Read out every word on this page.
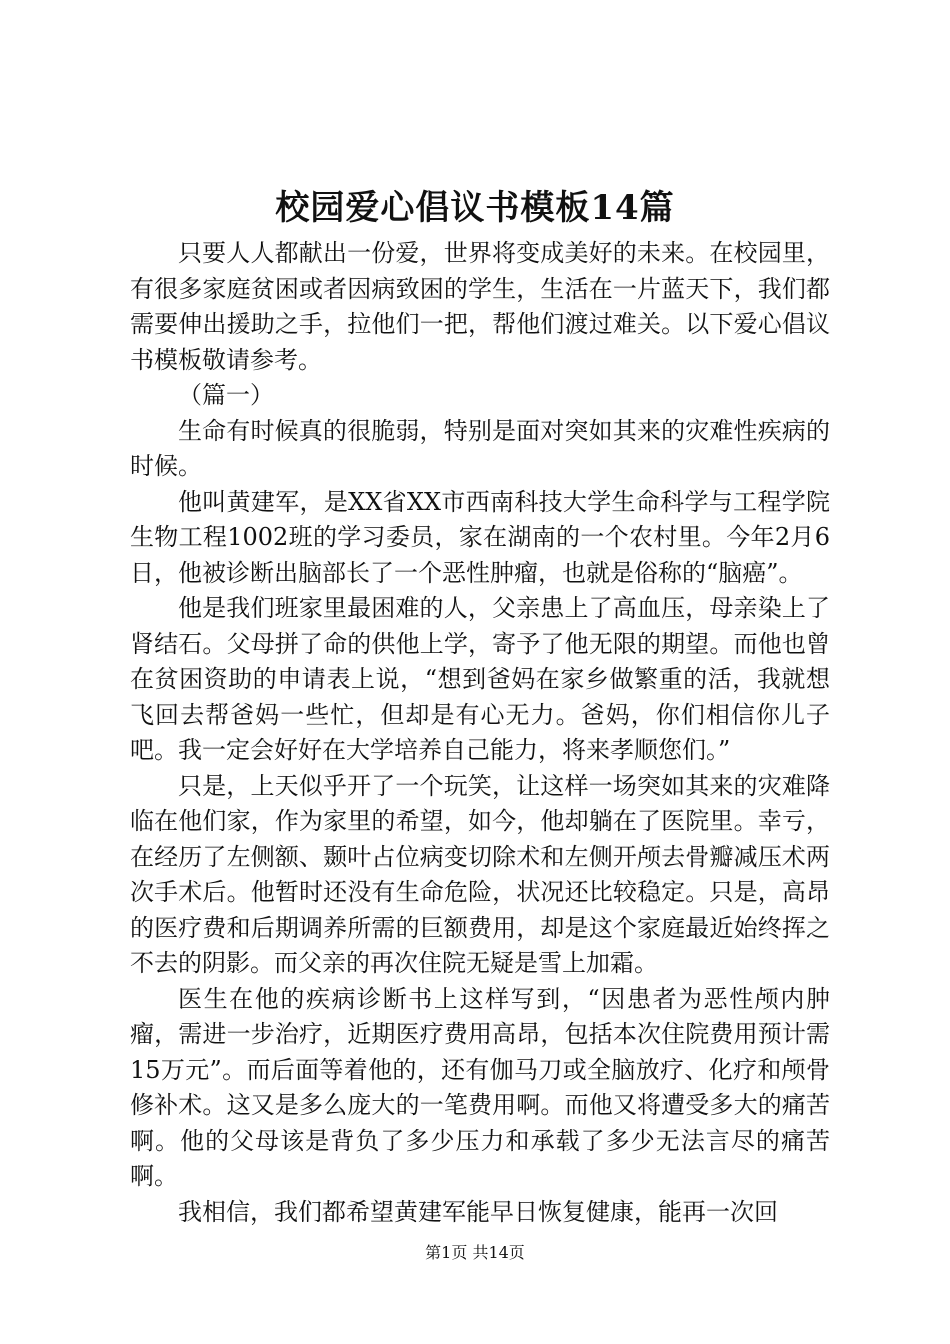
校园爱心倡议书模板14篇

只要人人都献出一份爱，世界将变成美好的未来。在校园里，有很多家庭贫困或者因病致困的学生，生活在一片蓝天下，我们都需要伸出援助之手，拉他们一把，帮他们渡过难关。以下爱心倡议书模板敬请参考。

（篇一）

生命有时候真的很脆弱，特别是面对突如其来的灾难性疾病的时候。

他叫黄建军，是XX省XX市西南科技大学生命科学与工程学院生物工程1002班的学习委员，家在湖南的一个农村里。今年2月6日，他被诊断出脑部长了一个恶性肿瘤，也就是俗称的“脑癌”。

他是我们班家里最困难的人，父亲患上了高血压，母亲染上了肾结石。父母拼了命的供他上学，寄予了他无限的期望。而他也曾在贫困资助的申请表上说，“想到爸妈在家乡做繁重的活，我就想飞回去帮爸妈一些忙，但却是有心无力。爸妈，你们相信你儿子吧。我一定会好好在大学培养自己能力，将来孝顺您们。”

只是，上天似乎开了一个玩笑，让这样一场突如其来的灾难降临在他们家，作为家里的希望，如今，他却躺在了医院里。幸亏，在经历了左侧额、颞叶占位病变切除术和左侧开颅去骨瓣减压术两次手术后。他暂时还没有生命危险，状况还比较稳定。只是，高昂的医疗费和后期调养所需的巨额费用，却是这个家庭最近始终挥之不去的阴影。而父亲的再次住院无疑是雪上加霜。

医生在他的疾病诊断书上这样写到，“因患者为恶性颅内肿瘤，需进一步治疗，近期医疗费用高昂，包括本次住院费用预计需15万元”。而后面等着他的，还有伽马刀或全脑放疗、化疗和颅骨修补术。这又是多么庞大的一笔费用啊。而他又将遭受多大的痛苦啊。他的父母该是背负了多少压力和承载了多少无法言尽的痛苦啊。

我相信，我们都希望黄建军能早日恢复健康，能再一次回

第1页 共14页
